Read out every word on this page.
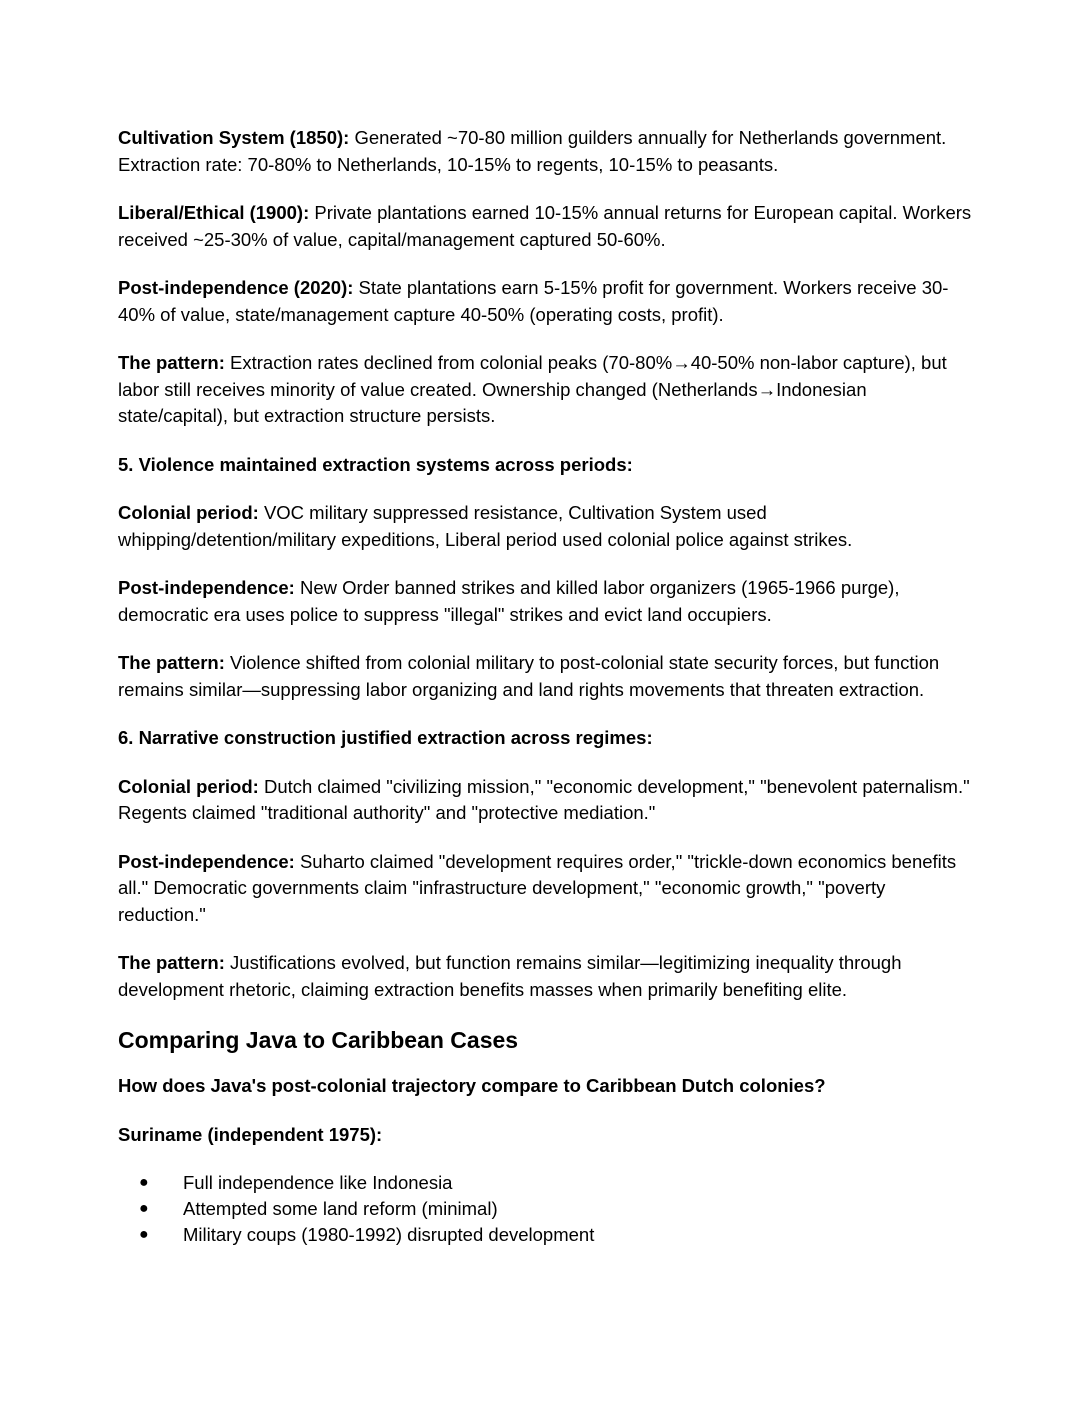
Cultivation System (1850): Generated ~70-80 million guilders annually for Netherlands government. Extraction rate: 70-80% to Netherlands, 10-15% to regents, 10-15% to peasants.

Liberal/Ethical (1900): Private plantations earned 10-15% annual returns for European capital. Workers received ~25-30% of value, capital/management captured 50-60%.

Post-independence (2020): State plantations earn 5-15% profit for government. Workers receive 30-40% of value, state/management capture 40-50% (operating costs, profit).

The pattern: Extraction rates declined from colonial peaks (70-80%→40-50% non-labor capture), but labor still receives minority of value created. Ownership changed (Netherlands→Indonesian state/capital), but extraction structure persists.

5. Violence maintained extraction systems across periods:

Colonial period: VOC military suppressed resistance, Cultivation System used whipping/detention/military expeditions, Liberal period used colonial police against strikes.

Post-independence: New Order banned strikes and killed labor organizers (1965-1966 purge), democratic era uses police to suppress "illegal" strikes and evict land occupiers.

The pattern: Violence shifted from colonial military to post-colonial state security forces, but function remains similar—suppressing labor organizing and land rights movements that threaten extraction.

6. Narrative construction justified extraction across regimes:

Colonial period: Dutch claimed "civilizing mission," "economic development," "benevolent paternalism." Regents claimed "traditional authority" and "protective mediation."

Post-independence: Suharto claimed "development requires order," "trickle-down economics benefits all." Democratic governments claim "infrastructure development," "economic growth," "poverty reduction."

The pattern: Justifications evolved, but function remains similar—legitimizing inequality through development rhetoric, claiming extraction benefits masses when primarily benefiting elite.

Comparing Java to Caribbean Cases

How does Java's post-colonial trajectory compare to Caribbean Dutch colonies?

Suriname (independent 1975):

● Full independence like Indonesia
● Attempted some land reform (minimal)
● Military coups (1980-1992) disrupted development
